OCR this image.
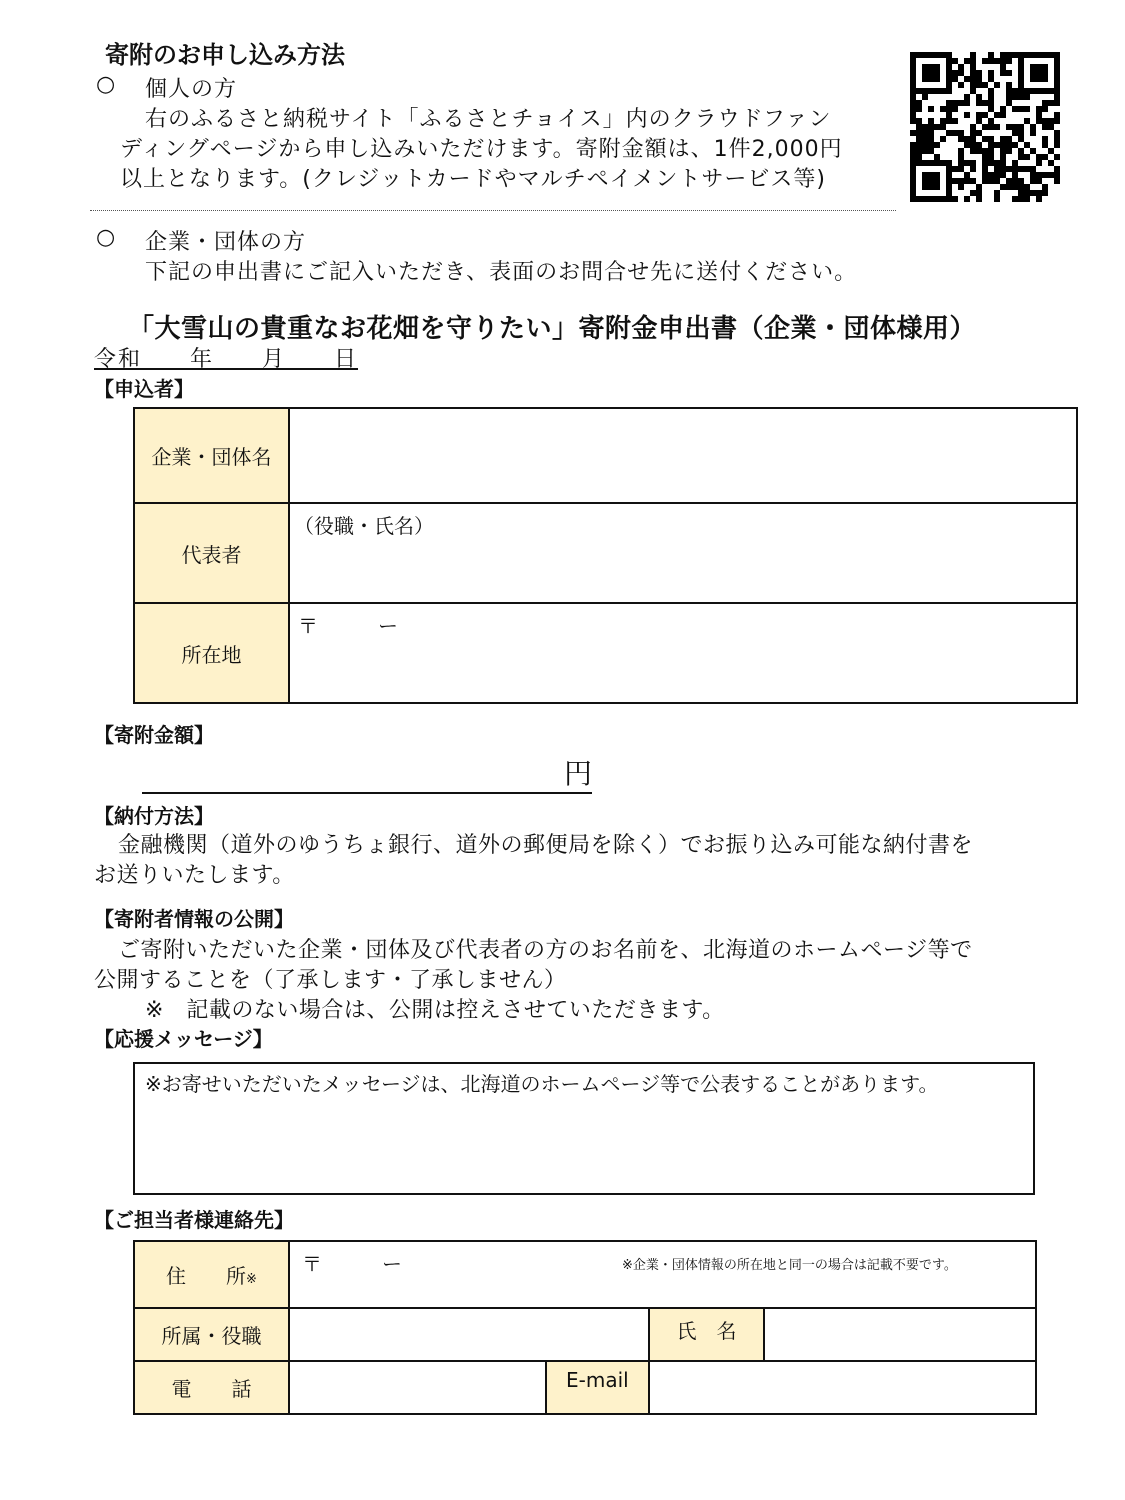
寄附のお申し込み方法
○ 個人の方
右のふるさと納税サイト「ふるさとチョイス」内のクラウドファン
ディングページから申し込みいただけます。寄附金額は、1件2,000円
以上となります。(クレジットカードやマルチペイメントサービス等)
○ 企業・団体の方
下記の申出書にご記入いただき、表面のお問合せ先に送付ください。
「大雪山の貴重なお花畑を守りたい」寄附金申出書（企業・団体様用）
令和　　年　　月　　日
【申込者】
企業・団体名	
代表者	（役職・氏名）

所在地	〒　　　ー
【寄附金額】
円
【納付方法】
金融機関（道外のゆうちょ銀行、道外の郵便局を除く）でお振り込み可能な納付書を
お送りいたします。
【寄附者情報の公開】
ご寄附いただいた企業・団体及び代表者の方のお名前を、北海道のホームページ等で
公開することを（了承します・了承しません）
※　記載のない場合は、公開は控えさせていただきます。
【応援メッセージ】
※お寄せいただいたメッセージは、北海道のホームページ等で公表することがあります。
【ご担当者様連絡先】
住　　所※	〒　　　ー ※企業・団体情報の所在地と同一の場合は記載不要です。			

所属・役職			氏　名	
電　　話		E-mail		
